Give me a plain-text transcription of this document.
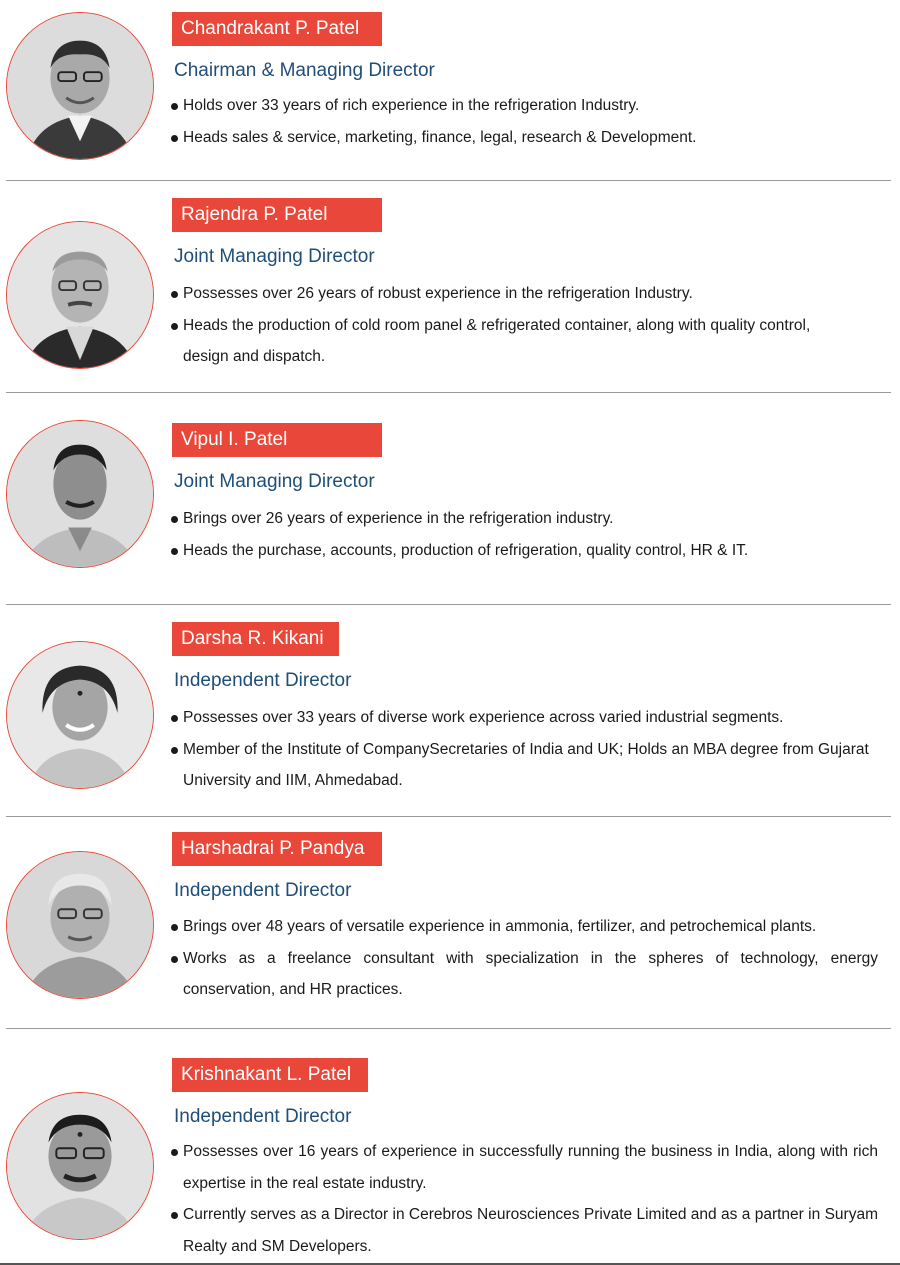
Chandrakant P. Patel
Chairman & Managing Director
Holds over 33 years of rich experience in the refrigeration Industry.
Heads sales & service, marketing, finance, legal, research & Development.
Rajendra P. Patel
Joint Managing Director
Possesses over 26 years of robust experience in the refrigeration Industry.
Heads the production of cold room panel & refrigerated container, along with quality control, design and dispatch.
Vipul I. Patel
Joint Managing Director
Brings over 26 years of experience in the refrigeration industry.
Heads the purchase, accounts, production of refrigeration, quality control, HR & IT.
Darsha R. Kikani
Independent Director
Possesses over 33 years of diverse work experience across varied industrial segments.
Member of the Institute of CompanySecretaries of India and UK; Holds an MBA degree from Gujarat University and IIM, Ahmedabad.
Harshadrai P. Pandya
Independent Director
Brings over 48 years of versatile experience in ammonia, fertilizer, and petrochemical plants.
Works as a freelance consultant with specialization in the spheres of technology, energy conservation, and HR practices.
Krishnakant L. Patel
Independent Director
Possesses over 16 years of experience in successfully running the business in India, along with rich expertise in the real estate industry.
Currently serves as a Director in Cerebros Neurosciences Private Limited and as a partner in Suryam Realty and SM Developers.
